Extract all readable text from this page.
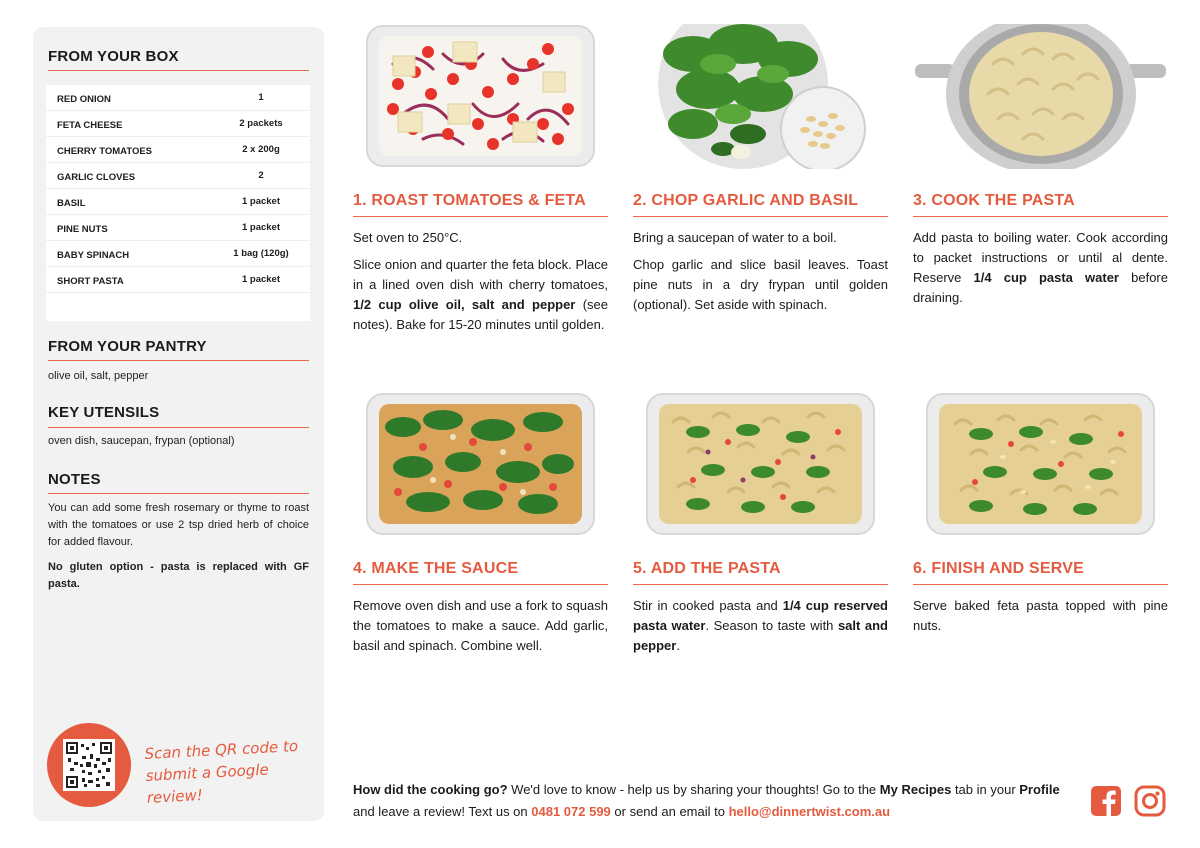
FROM YOUR BOX
RED ONION	1
FETA CHEESE	2 packets
CHERRY TOMATOES	2 x 200g
GARLIC CLOVES	2
BASIL	1 packet
PINE NUTS	1 packet
BABY SPINACH	1 bag (120g)
SHORT PASTA	1 packet
FROM YOUR PANTRY
olive oil, salt, pepper
KEY UTENSILS
oven dish, saucepan, frypan (optional)
NOTES

You can add some fresh rosemary or thyme to roast with the tomatoes or use 2 tsp dried herb of choice for added flavour.

No gluten option - pasta is replaced with GF pasta.

Scan the QR code to submit a Google review!
1. ROAST TOMATOES & FETA

Set oven to 250°C.

Slice onion and quarter the feta block. Place in a lined oven dish with cherry tomatoes, 1/2 cup olive oil, salt and pepper (see notes). Bake for 15-20 minutes until golden.

2. CHOP GARLIC AND BASIL

Bring a saucepan of water to a boil.

Chop garlic and slice basil leaves. Toast pine nuts in a dry frypan until golden (optional). Set aside with spinach.

3. COOK THE PASTA

Add pasta to boiling water. Cook according to packet instructions or until al dente. Reserve 1/4 cup pasta water before draining.

4. MAKE THE SAUCE

Remove oven dish and use a fork to squash the tomatoes to make a sauce. Add garlic, basil and spinach. Combine well.

5. ADD THE PASTA

Stir in cooked pasta and 1/4 cup reserved pasta water. Season to taste with salt and pepper.

6. FINISH AND SERVE

Serve baked feta pasta topped with pine nuts.

How did the cooking go? We'd love to know - help us by sharing your thoughts! Go to the My Recipes tab in your Profile and leave a review! Text us on 0481 072 599 or send an email to hello@dinnertwist.com.au
